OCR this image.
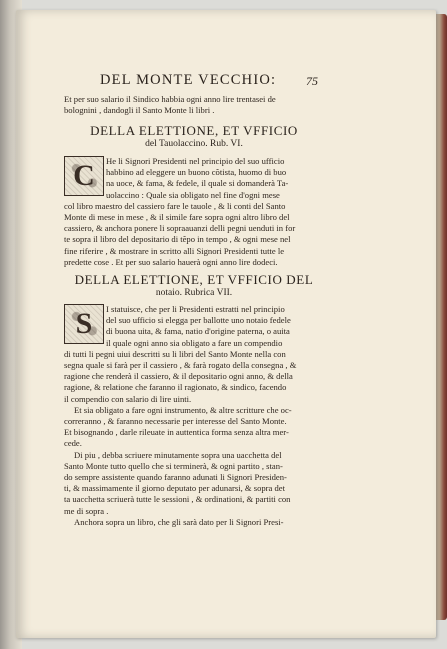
DEL MONTE VECCHIO:	75
Et per suo salario il Sindico habbia ogni anno lire trentasei de
bolognini , dandogli il Santo Monte li libri .
DELLA ELETTIONE, ET VFFICIO
del Tauolaccino. Rub. VI.
C	He li Signori Presidenti nel principio del suo ufficio
habbino ad eleggere un buono cõtista, huomo di buo
na uoce, & fama, & fedele, il quale si domanderà Ta-
uolaccino : Quale sia obligato nel fine d'ogni mese
col libro maestro del cassiero fare le tauole , & li conti del Santo
Monte di mese in mese , & il simile fare sopra ogni altro libro del
cassiero, & anchora ponere li sopraauanzi delli pegni uenduti in for
te sopra il libro del depositario di tẽpo in tempo , & ogni mese nel
fine riferire , & mostrare in scritto alli Signori Presidenti tutte le
predette cose . Et per suo salario hauerà ogni anno lire dodeci.
DELLA ELETTIONE, ET VFFICIO DEL
notaio. Rubrica VII.
S	I statuisce, che per li Presidenti estratti nel principio
del suo ufficio si elegga per ballotte uno notaio fedele
di buona uita, & fama, natio d'origine paterna, o auita
il quale ogni anno sia obligato a fare un compendio
di tutti li pegni uiui descritti su li libri del Santo Monte nella con
segna quale si farà per il cassiero , & farà rogato della consegna , &
ragione che renderà il cassiero, & il depositario ogni anno, & della
ragione, & relatione che faranno il ragionato, & sindico, facendo
il compendio con salario di lire uinti.
Et sia obligato a fare ogni instrumento, & altre scritture che oc-
correranno , & faranno necessarie per interesse del Santo Monte.
Et bisognando , darle rileuate in auttentica forma senza altra mer-
cede.
Di piu , debba scriuere minutamente sopra una uacchetta del
Santo Monte tutto quello che si terminerà, & ogni partito , stan-
do sempre assistente quando faranno adunati li Signori Presiden-
ti, & massimamente il giorno deputato per adunarsi, & sopra det
ta uacchetta scriuerà tutte le sessioni , & ordinationi, & partiti con
me di sopra .
Anchora sopra un libro, che gli sarà dato per li Signori Presi-
